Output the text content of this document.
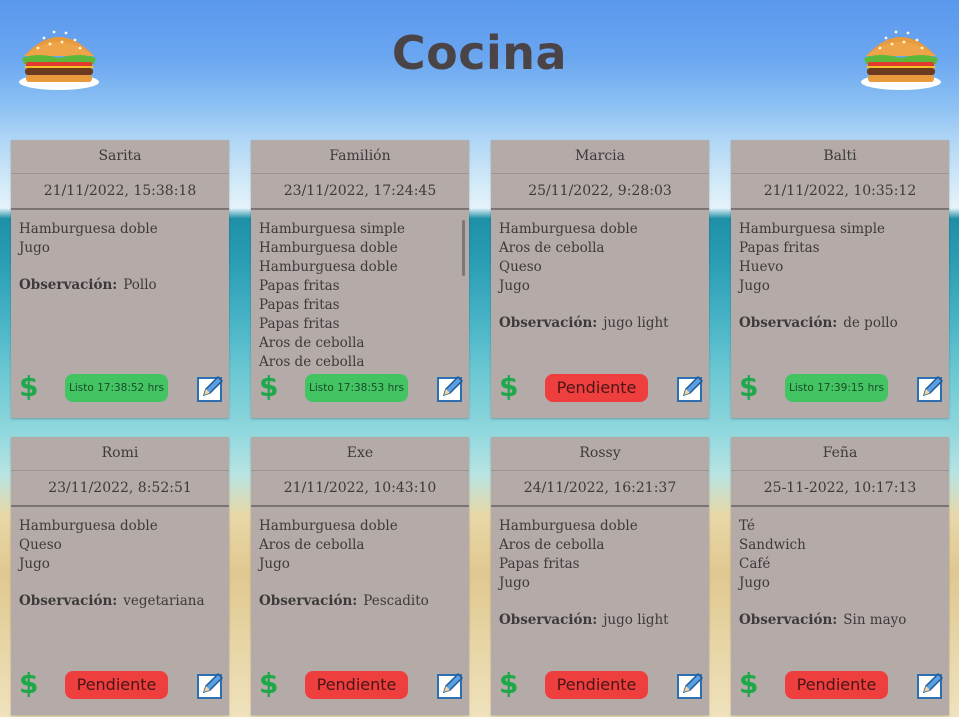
Cocina
Sarita
21/11/2022, 15:38:18
Hamburguesa doble
Jugo
Observación: Pollo
$	Listo 17:38:52 hrs
Familión
23/11/2022, 17:24:45
Hamburguesa simple
Hamburguesa doble
Hamburguesa doble
Papas fritas
Papas fritas
Papas fritas
Aros de cebolla
Aros de cebolla
$	Listo 17:38:53 hrs
Marcia
25/11/2022, 9:28:03
Hamburguesa doble
Aros de cebolla
Queso
Jugo
Observación: jugo light
$	Pendiente
Balti
21/11/2022, 10:35:12
Hamburguesa simple
Papas fritas
Huevo
Jugo
Observación: de pollo
$	Listo 17:39:15 hrs
Romi
23/11/2022, 8:52:51
Hamburguesa doble
Queso
Jugo
Observación: vegetariana
$	Pendiente
Exe
21/11/2022, 10:43:10
Hamburguesa doble
Aros de cebolla
Jugo
Observación: Pescadito
$	Pendiente
Rossy
24/11/2022, 16:21:37
Hamburguesa doble
Aros de cebolla
Papas fritas
Jugo
Observación: jugo light
$	Pendiente
Feña
25-11-2022, 10:17:13
Té
Sandwich
Café
Jugo
Observación: Sin mayo
$	Pendiente
